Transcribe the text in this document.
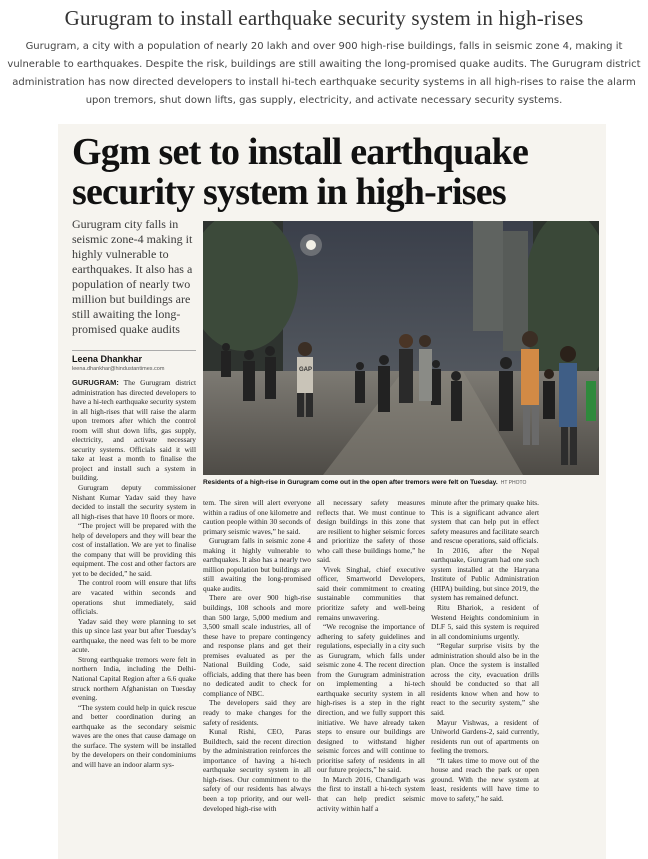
Gurugram to install earthquake security system in high-rises
Gurugram, a city with a population of nearly 20 lakh and over 900 high-rise buildings, falls in seismic zone 4, making it vulnerable to earthquakes. Despite the risk, buildings are still awaiting the long-promised quake audits. The Gurugram district administration has now directed developers to install hi-tech earthquake security systems in all high-rises to raise the alarm upon tremors, shut down lifts, gas supply, electricity, and activate necessary security systems.
Ggm set to install earthquake security system in high-rises
Gurugram city falls in seismic zone-4 making it highly vulnerable to earthquakes. It also has a population of nearly two million but buildings are still awaiting the long-promised quake audits
Leena Dhankhar
leena.dhankhar@hindustantimes.com	GAP
Residents of a high-rise in Gurugram come out in the open after tremors were felt on Tuesday. HT PHOTO

GURUGRAM: The Gurugram district administration has directed developers to have a hi-tech earthquake security system in all high-rises that will raise the alarm upon tremors after which the control room will shut down lifts, gas supply, electricity, and activate necessary security systems. Officials said it will take at least a month to finalise the project and install such a system in building.

Gurugram deputy commissioner Nishant Kumar Yadav said they have decided to install the security system in all high-rises that have 10 floors or more.

“The project will be prepared with the help of developers and they will bear the cost of installation. We are yet to finalise the company that will be providing this equipment. The cost and other factors are yet to be decided,” he said.

The control room will ensure that lifts are vacated within seconds and operations shut immediately, said officials.

Yadav said they were planning to set this up since last year but after Tuesday’s earthquake, the need was felt to be more acute.

Strong earthquake tremors were felt in northern India, including the Delhi-National Capital Region after a 6.6 quake struck northern Afghanistan on Tuesday evening.

“The system could help in quick rescue and better coordination during an earthquake as the secondary seismic waves are the ones that cause damage on the surface. The system will be installed by the developers on their condominiums and will have an indoor alarm sys-

tem. The siren will alert everyone within a radius of one kilometre and caution people within 30 seconds of primary seismic waves,” he said.

Gurugram falls in seismic zone 4 making it highly vulnerable to earthquakes. It also has a nearly two million population but buildings are still awaiting the long-promised quake audits.

There are over 900 high-rise buildings, 108 schools and more than 500 large, 5,000 medium and 3,500 small scale industries, all of these have to prepare contingency and response plans and get their premises evaluated as per the National Building Code, said officials, adding that there has been no dedicated audit to check for compliance of NBC.

The developers said they are ready to make changes for the safety of residents.

Kunal Rishi, CEO, Paras Buildtech, said the recent direction by the administration reinforces the importance of having a hi-tech earthquake security system in all high-rises. Our commitment to the safety of our residents has always been a top priority, and our well-developed high-rise with

all necessary safety measures reflects that. We must continue to design buildings in this zone that are resilient to higher seismic forces and prioritize the safety of those who call these buildings home,” he said.

Vivek Singhal, chief executive officer, Smartworld Developers, said their commitment to creating sustainable communities that prioritize safety and well-being remains unwavering.

“We recognise the importance of adhering to safety guidelines and regulations, especially in a city such as Gurugram, which falls under seismic zone 4. The recent direction from the Gurugram administration on implementing a hi-tech earthquake security system in all high-rises is a step in the right direction, and we fully support this initiative. We have already taken steps to ensure our buildings are designed to withstand higher seismic forces and will continue to prioritise safety of residents in all our future projects,” he said.

In March 2016, Chandigarh was the first to install a hi-tech system that can help predict seismic activity within half a

minute after the primary quake hits. This is a significant advance alert system that can help put in effect safety measures and facilitate search and rescue operations, said officials.

In 2016, after the Nepal earthquake, Gurugram had one such system installed at the Haryana Institute of Public Administration (HIPA) building, but since 2019, the system has remained defunct.

Ritu Bhariok, a resident of Westend Heights condominium in DLF 5, said this system is required in all condominiums urgently.

“Regular surprise visits by the administration should also be in the plan. Once the system is installed across the city, evacuation drills should be conducted so that all residents know when and how to react to the security system,” she said.

Mayur Vishwas, a resident of Uniworld Gardens-2, said currently, residents run out of apartments on feeling the tremors.

“It takes time to move out of the house and reach the park or open ground. With the new system at least, residents will have time to move to safety,” he said.
